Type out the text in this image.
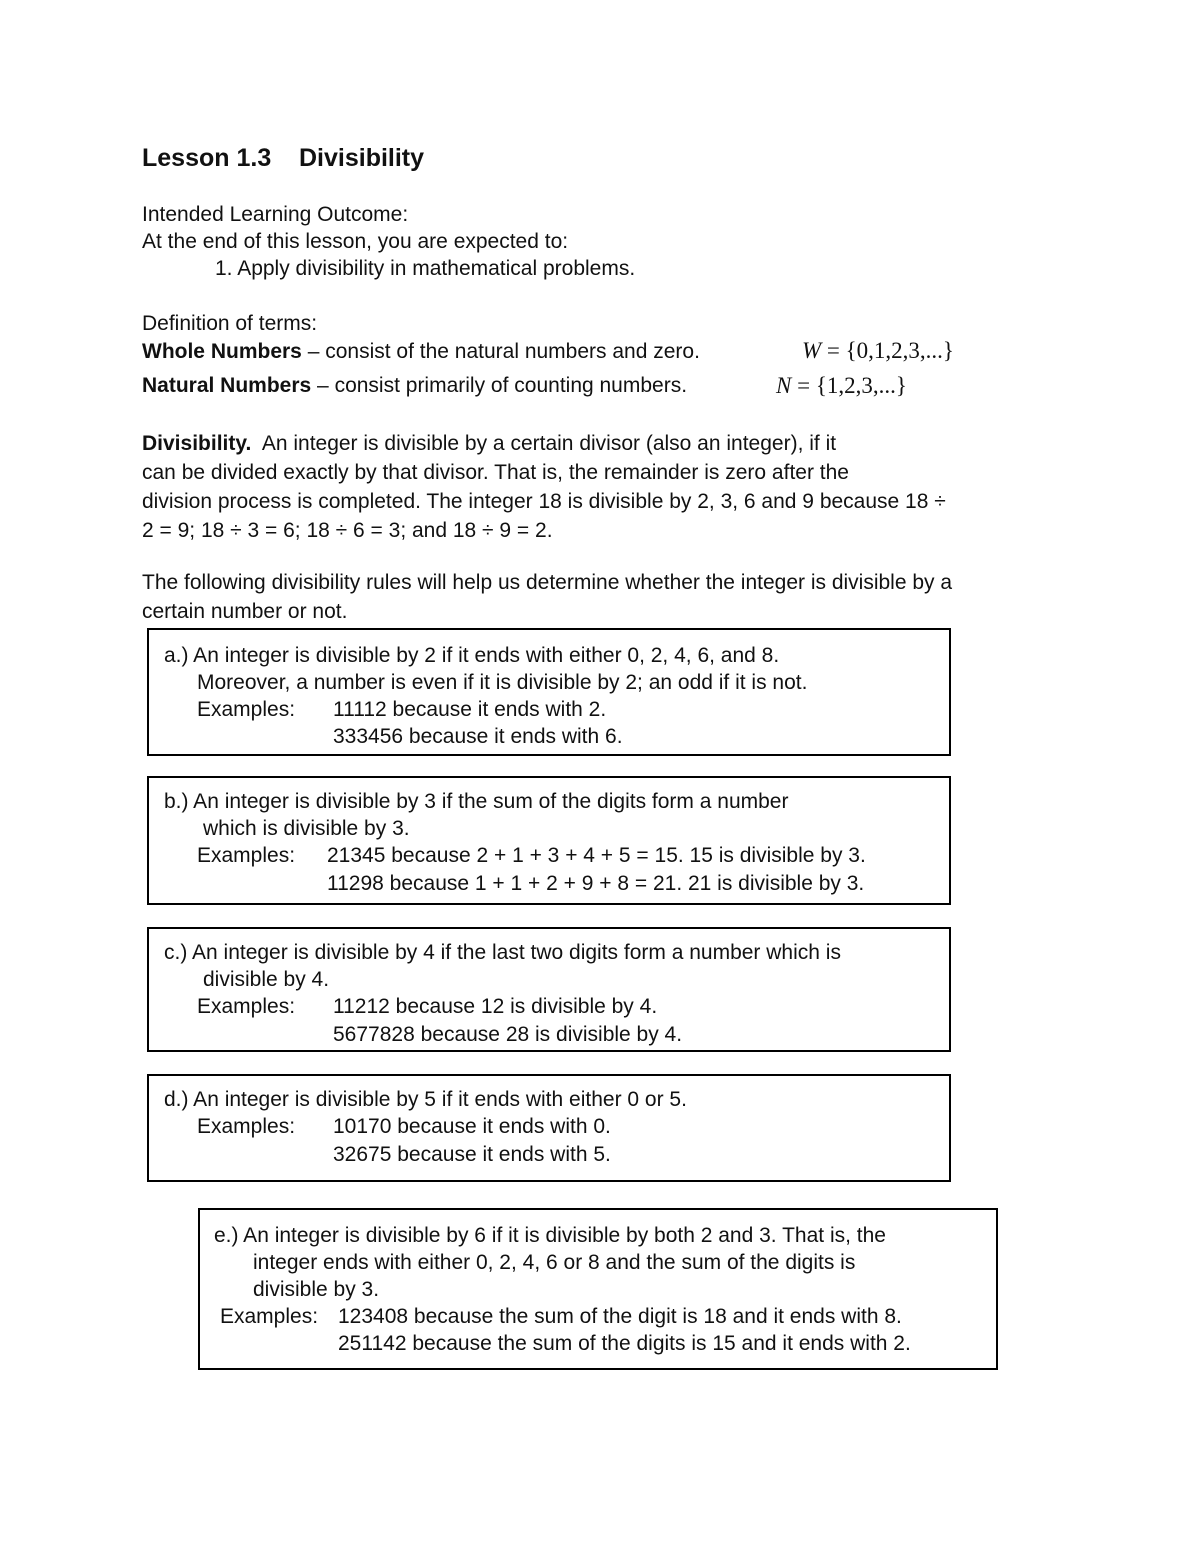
Lesson 1.3 Divisibility
Intended Learning Outcome:
At the end of this lesson, you are expected to:
1. Apply divisibility in mathematical problems.
Definition of terms:
Whole Numbers – consist of the natural numbers and zero.	W = {0,1,2,3,...}
Natural Numbers – consist primarily of counting numbers.	N = {1,2,3,...}
Divisibility.  An integer is divisible by a certain divisor (also an integer), if it
can be divided exactly by that divisor. That is, the remainder is zero after the
division process is completed. The integer 18 is divisible by 2, 3, 6 and 9 because 18 ÷
2 = 9; 18 ÷ 3 = 6; 18 ÷ 6 = 3; and 18 ÷ 9 = 2.
The following divisibility rules will help us determine whether the integer is divisible by a
certain number or not.
a.) An integer is divisible by 2 if it ends with either 0, 2, 4, 6, and 8.
Moreover, a number is even if it is divisible by 2; an odd if it is not.
Examples: 11112 because it ends with 2.
333456 because it ends with 6.
b.) An integer is divisible by 3 if the sum of the digits form a number
which is divisible by 3.
Examples: 21345 because 2 + 1 + 3 + 4 + 5 = 15. 15 is divisible by 3.
11298 because 1 + 1 + 2 + 9 + 8 = 21. 21 is divisible by 3.
c.) An integer is divisible by 4 if the last two digits form a number which is
divisible by 4.
Examples: 11212 because 12 is divisible by 4.
5677828 because 28 is divisible by 4.
d.) An integer is divisible by 5 if it ends with either 0 or 5.
Examples: 10170 because it ends with 0.
32675 because it ends with 5.
e.) An integer is divisible by 6 if it is divisible by both 2 and 3. That is, the
integer ends with either 0, 2, 4, 6 or 8 and the sum of the digits is
divisible by 3.
Examples: 123408 because the sum of the digit is 18 and it ends with 8.
251142 because the sum of the digits is 15 and it ends with 2.
